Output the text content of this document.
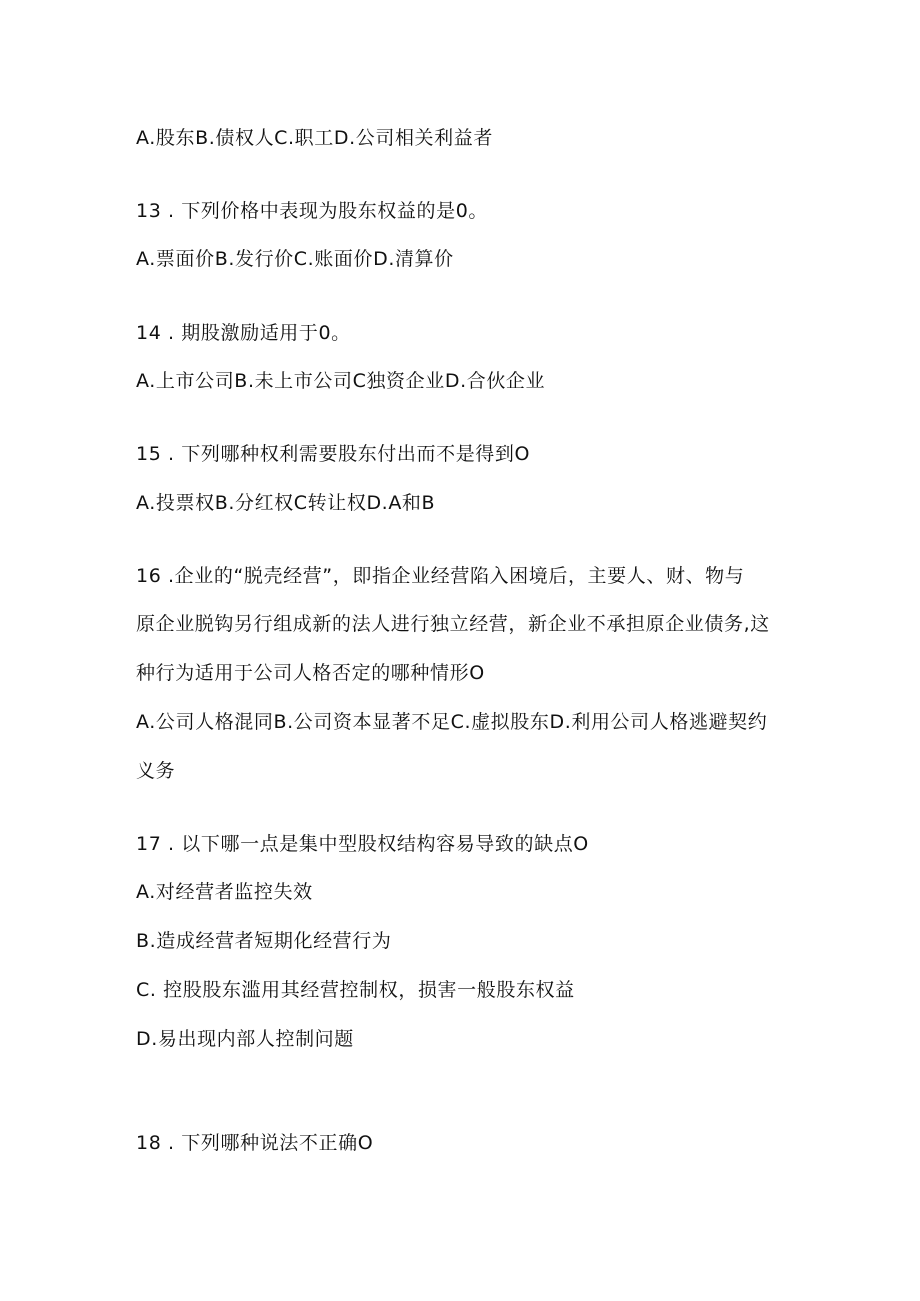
A.股东B.债权人C.职工D.公司相关利益者
13 . 下列价格中表现为股东权益的是0。
A.票面价B.发行价C.账面价D.清算价
14 . 期股激励适用于0。
A.上市公司B.未上市公司C独资企业D.合伙企业
15 . 下列哪种权利需要股东付出而不是得到O
A.投票权B.分红权C转让权D.A和B
16 .企业的“脱壳经营”，即指企业经营陷入困境后，主要人、财、物与
原企业脱钩另行组成新的法人进行独立经营，新企业不承担原企业债务,这
种行为适用于公司人格否定的哪种情形O
A.公司人格混同B.公司资本显著不足C.虚拟股东D.利用公司人格逃避契约
义务
17 . 以下哪一点是集中型股权结构容易导致的缺点O
A.对经营者监控失效
B.造成经营者短期化经营行为
C. 控股股东滥用其经营控制权，损害一般股东权益
D.易出现内部人控制问题
18 . 下列哪种说法不正确O
